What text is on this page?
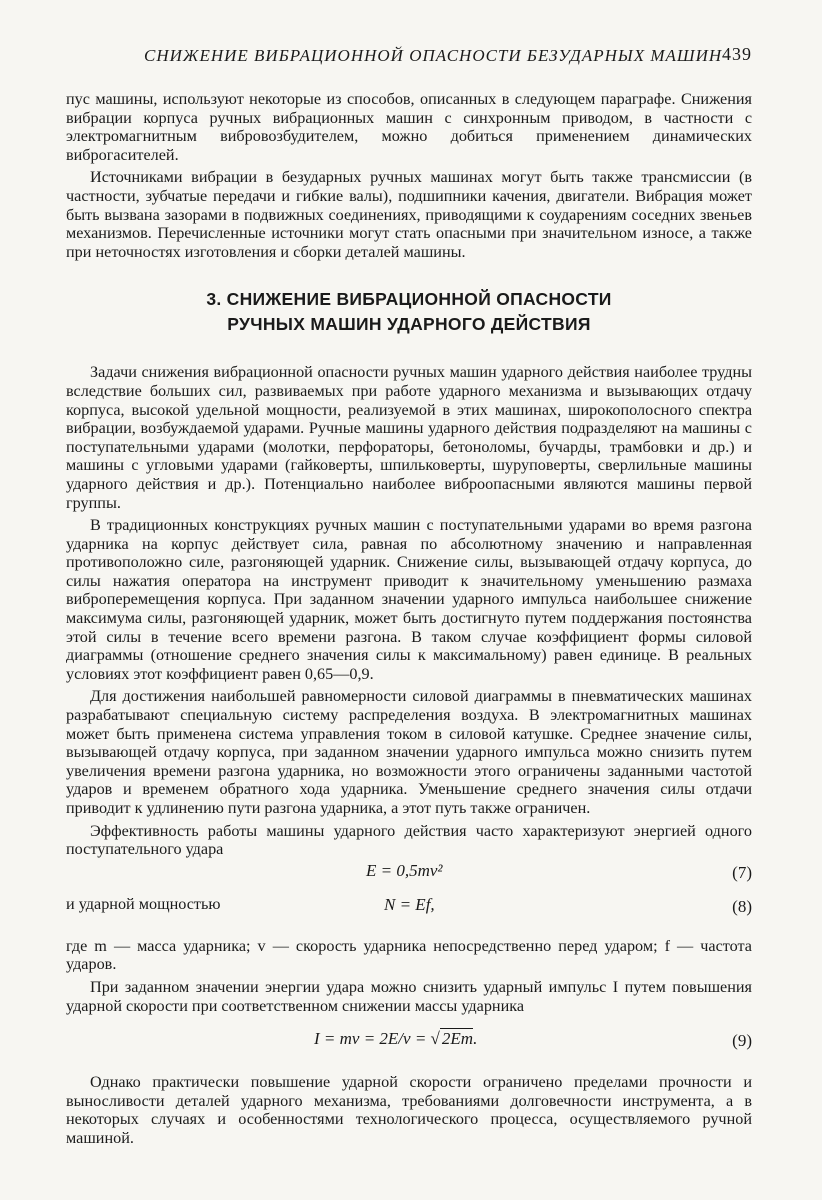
СНИЖЕНИЕ ВИБРАЦИОННОЙ ОПАСНОСТИ БЕЗУДАРНЫХ МАШИН 439

пус машины, используют некоторые из способов, описанных в следующем параграфе. Снижения вибрации корпуса ручных вибрационных машин с синхронным приводом, в частности с электромагнитным вибровозбудителем, можно добиться применением динамических виброгасителей.

Источниками вибрации в безударных ручных машинах могут быть также трансмиссии (в частности, зубчатые передачи и гибкие валы), подшипники качения, двигатели. Вибрация может быть вызвана зазорами в подвижных соединениях, приводящими к соударениям соседних звеньев механизмов. Перечисленные источники могут стать опасными при значительном износе, а также при неточностях изготовления и сборки деталей машины.

3. СНИЖЕНИЕ ВИБРАЦИОННОЙ ОПАСНОСТИ
РУЧНЫХ МАШИН УДАРНОГО ДЕЙСТВИЯ

Задачи снижения вибрационной опасности ручных машин ударного действия наиболее трудны вследствие больших сил, развиваемых при работе ударного механизма и вызывающих отдачу корпуса, высокой удельной мощности, реализуемой в этих машинах, широкополосного спектра вибрации, возбуждаемой ударами. Ручные машины ударного действия подразделяют на машины с поступательными ударами (молотки, перфораторы, бетоноломы, бучарды, трамбовки и др.) и машины с угловыми ударами (гайковерты, шпильковерты, шуруповерты, сверлильные машины ударного действия и др.). Потенциально наиболее виброопасными являются машины первой группы.

В традиционных конструкциях ручных машин с поступательными ударами во время разгона ударника на корпус действует сила, равная по абсолютному значению и направленная противоположно силе, разгоняющей ударник. Снижение силы, вызывающей отдачу корпуса, до силы нажатия оператора на инструмент приводит к значительному уменьшению размаха виброперемещения корпуса. При заданном значении ударного импульса наибольшее снижение максимума силы, разгоняющей ударник, может быть достигнуто путем поддержания постоянства этой силы в течение всего времени разгона. В таком случае коэффициент формы силовой диаграммы (отношение среднего значения силы к максимальному) равен единице. В реальных условиях этот коэффициент равен 0,65—0,9.

Для достижения наибольшей равномерности силовой диаграммы в пневматических машинах разрабатывают специальную систему распределения воздуха. В электромагнитных машинах может быть применена система управления током в силовой катушке. Среднее значение силы, вызывающей отдачу корпуса, при заданном значении ударного импульса можно снизить путем увеличения времени разгона ударника, но возможности этого ограничены заданными частотой ударов и временем обратного хода ударника. Уменьшение среднего значения силы отдачи приводит к удлинению пути разгона ударника, а этот путь также ограничен.

Эффективность работы машины ударного действия часто характеризуют энергией одного поступательного удара

E = 0,5mv²	(7)
и ударной мощностью	N = Ef,	(8)

где m — масса ударника; v — скорость ударника непосредственно перед ударом; f — частота ударов.

При заданном значении энергии удара можно снизить ударный импульс I путем повышения ударной скорости при соответственном снижении массы ударника

I = mv = 2E/v = √ 2Em.	(9)

Однако практически повышение ударной скорости ограничено пределами прочности и выносливости деталей ударного механизма, требованиями долговечности инструмента, а в некоторых случаях и особенностями технологического процесса, осуществляемого ручной машиной.
